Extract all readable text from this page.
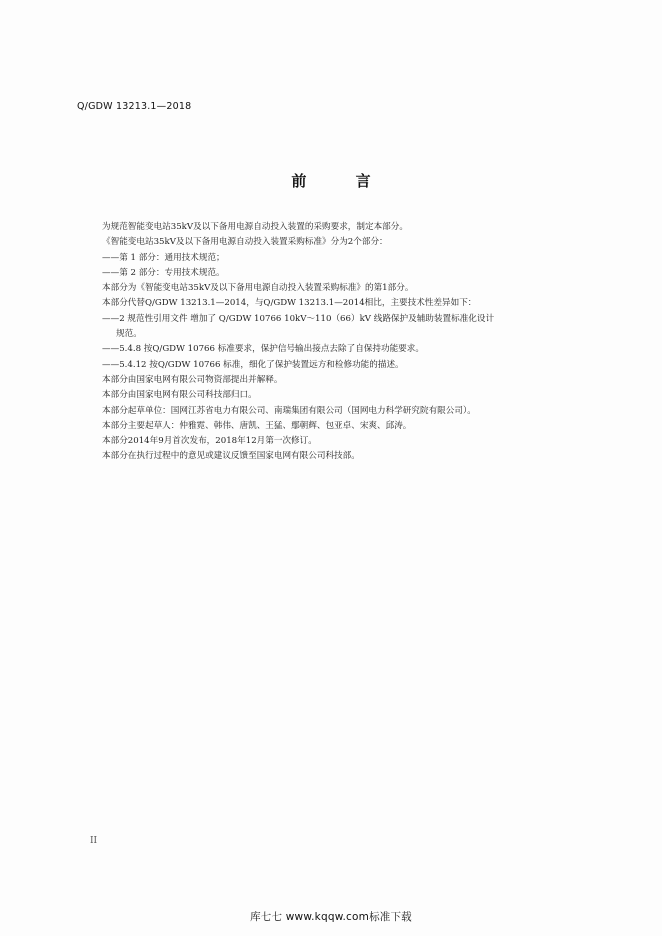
Q/GDW 13213.1—2018
前 言

为规范智能变电站35kV及以下备用电源自动投入装置的采购要求，制定本部分。

《智能变电站35kV及以下备用电源自动投入装置采购标准》分为2个部分：

——第 1 部分：通用技术规范；

——第 2 部分：专用技术规范。

本部分为《智能变电站35kV及以下备用电源自动投入装置采购标准》的第1部分。

本部分代替Q/GDW 13213.1—2014，与Q/GDW 13213.1—2014相比，主要技术性差异如下：

——2 规范性引用文件 增加了 Q/GDW 10766 10kV～110（66）kV 线路保护及辅助装置标准化设计

规范。

——5.4.8 按Q/GDW 10766 标准要求，保护信号输出接点去除了自保持功能要求。

——5.4.12 按Q/GDW 10766 标准，细化了保护装置远方和检修功能的描述。

本部分由国家电网有限公司物资部提出并解释。

本部分由国家电网有限公司科技部归口。

本部分起草单位：国网江苏省电力有限公司、南瑞集团有限公司（国网电力科学研究院有限公司）。

本部分主要起草人：仲雅霓、韩伟、唐凯、王猛、鄢朝辉、包亚卓、宋爽、邱涛。

本部分2014年9月首次发布，2018年12月第一次修订。

本部分在执行过程中的意见或建议反馈至国家电网有限公司科技部。

II
库七七 www.kqqw.com标准下载
